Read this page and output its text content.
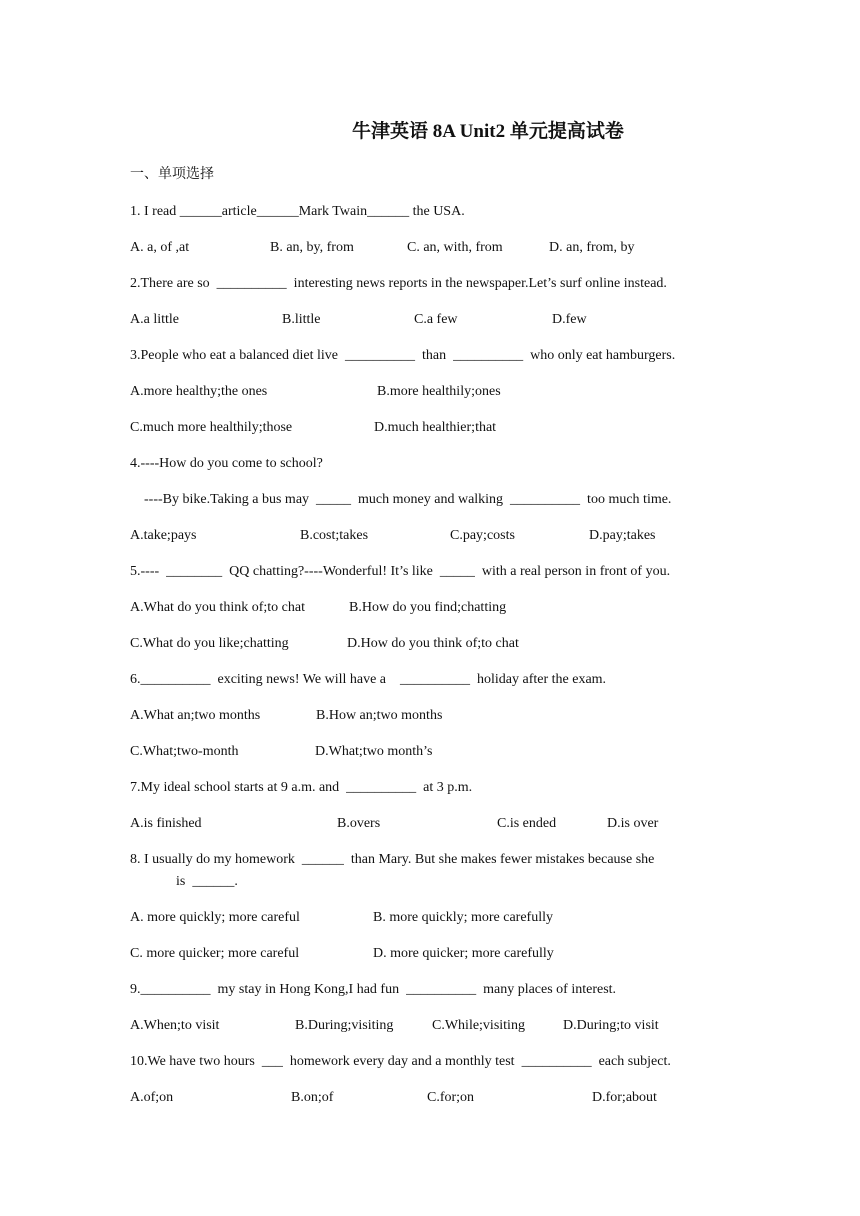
牛津英语 8A Unit2 单元提高试卷
一、单项选择
1. I read ______article______Mark Twain______ the USA.
A. a, of ,at	B. an, by, from	C. an, with, from	D. an, from, by
2.There are so  __________  interesting news reports in the newspaper.Let’s surf online instead.
A.a little	B.little	C.a few	D.few
3.People who eat a balanced diet live  __________  than  __________  who only eat hamburgers.
A.more healthy;the ones	B.more healthily;ones
C.much more healthily;those	D.much healthier;that
4.----How do you come to school?
----By bike.Taking a bus may  _____  much money and walking  __________  too much time.
A.take;pays	B.cost;takes	C.pay;costs	D.pay;takes
5.----  ________  QQ chatting?----Wonderful! It’s like  _____  with a real person in front of you.
A.What do you think of;to chat	B.How do you find;chatting
C.What do you like;chatting	D.How do you think of;to chat
6.__________  exciting news! We will have a    __________  holiday after the exam.
A.What an;two months	B.How an;two months
C.What;two-month	D.What;two month’s
7.My ideal school starts at 9 a.m. and  __________  at 3 p.m.
A.is finished	B.overs	C.is ended	D.is over
8. I usually do my homework  ______  than Mary. But she makes fewer mistakes because she
is  ______.
A. more quickly; more careful	B. more quickly; more carefully
C. more quicker; more careful	D. more quicker; more carefully
9.__________  my stay in Hong Kong,I had fun  __________  many places of interest.
A.When;to visit	B.During;visiting	C.While;visiting	D.During;to visit
10.We have two hours  ___  homework every day and a monthly test  __________  each subject.
A.of;on	B.on;of	C.for;on	D.for;about
